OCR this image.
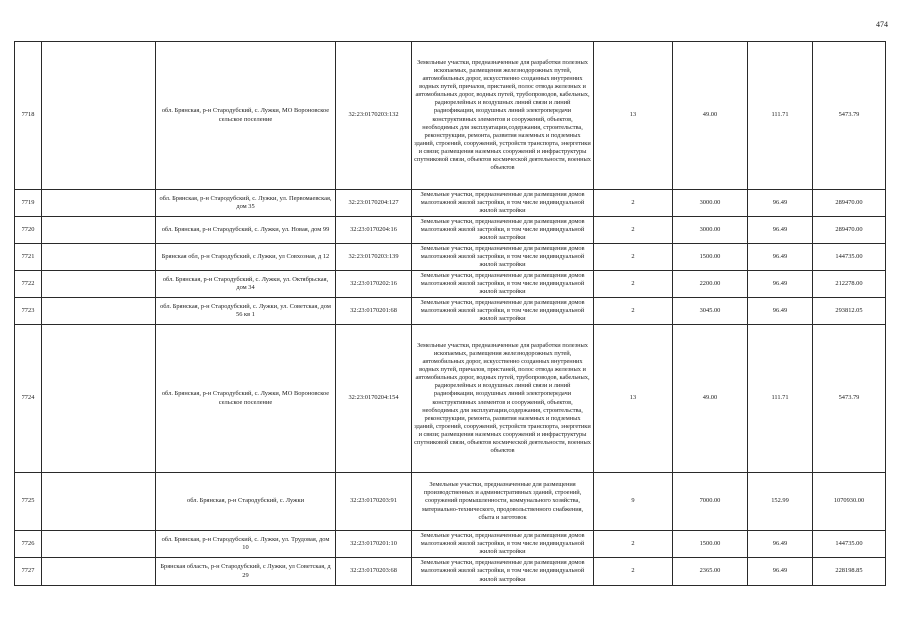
474
7718		обл. Брянская, р-н Стародубский, с. Лужки, МО Вороновское сельское поселение	32:23:0170203:132	Земельные участки, предназначенные для разработки полезных ископаемых, размещения железнодорожных путей, автомобильных дорог, искусственно созданных внутренних водных путей, причалов, пристаней, полос отвода железных и автомобильных дорог, водных путей, трубопроводов, кабельных, радиорелейных и воздушных линий связи и линий радиофикации, воздушных линий электропередачи конструктивных элементов и сооружений, объектов, необходимых для эксплуатации,содержания, строительства, реконструкции, ремонта, развития наземных и подземных зданий, строений, сооружений, устройств транспорта, энергетики и связи; размещения наземных сооружений и инфраструктуры спутниковой связи, объектов космической деятельности, военных объектов	13	49.00	111.71	5473.79
7719		обл. Брянская, р-н Стародубский, с. Лужки, ул. Первомаевская, дом 35	32:23:0170204:127	Земельные участки, предназначенные для размещения домов малоэтажной жилой застройки, в том числе индивидуальной жилой застройки	2	3000.00	96.49	289470.00
7720		обл. Брянская, р-н Стародубский, с. Лужки, ул. Новая, дом 99	32:23:0170204:16	Земельные участки, предназначенные для размещения домов малоэтажной жилой застройки, в том числе индивидуальной жилой застройки	2	3000.00	96.49	289470.00
7721		Брянская обл, р-н Стародубский, с Лужки, ул Совхозная, д 12	32:23:0170203:139	Земельные участки, предназначенные для размещения домов малоэтажной жилой застройки, в том числе индивидуальной жилой застройки	2	1500.00	96.49	144735.00
7722		обл. Брянская, р-н Стародубский, с. Лужки, ул. Октябрьская, дом 34	32:23:0170202:16	Земельные участки, предназначенные для размещения домов малоэтажной жилой застройки, в том числе индивидуальной жилой застройки	2	2200.00	96.49	212278.00
7723		обл. Брянская, р-н Стародубский, с. Лужки, ул. Советская, дом 56 кв 1	32:23:0170201:68	Земельные участки, предназначенные для размещения домов малоэтажной жилой застройки, в том числе индивидуальной жилой застройки	2	3045.00	96.49	293812.05
7724		обл. Брянская, р-н Стародубский, с. Лужки, МО Вороновское сельское поселение	32:23:0170204:154	Земельные участки, предназначенные для разработки полезных ископаемых, размещения железнодорожных путей, автомобильных дорог, искусственно созданных внутренних водных путей, причалов, пристаней, полос отвода железных и автомобильных дорог, водных путей, трубопроводов, кабельных, радиорелейных и воздушных линий связи и линий радиофикации, воздушных линий электропередачи конструктивных элементов и сооружений, объектов, необходимых для эксплуатации,содержания, строительства, реконструкции, ремонта, развития наземных и подземных зданий, строений, сооружений, устройств транспорта, энергетики и связи; размещения наземных сооружений и инфраструктуры спутниковой связи, объектов космической деятельности, военных объектов	13	49.00	111.71	5473.79
7725		обл. Брянская, р-н Стародубский, с. Лужки	32:23:0170203:91	Земельные участки, предназначенные для размещения производственных и административных зданий, строений, сооружений промышленности, коммунального хозяйства, материально-технического, продовольственного снабжения, сбыта и заготовок	9	7000.00	152.99	1070930.00
7726		обл. Брянская, р-н Стародубский, с. Лужки, ул. Трудовая, дом 10	32:23:0170201:10	Земельные участки, предназначенные для размещения домов малоэтажной жилой застройки, в том числе индивидуальной жилой застройки	2	1500.00	96.49	144735.00
7727		Брянская область, р-н Стародубский, с Лужки, ул Советская, д 29	32:23:0170203:68	Земельные участки, предназначенные для размещения домов малоэтажной жилой застройки, в том числе индивидуальной жилой застройки	2	2365.00	96.49	228198.85
